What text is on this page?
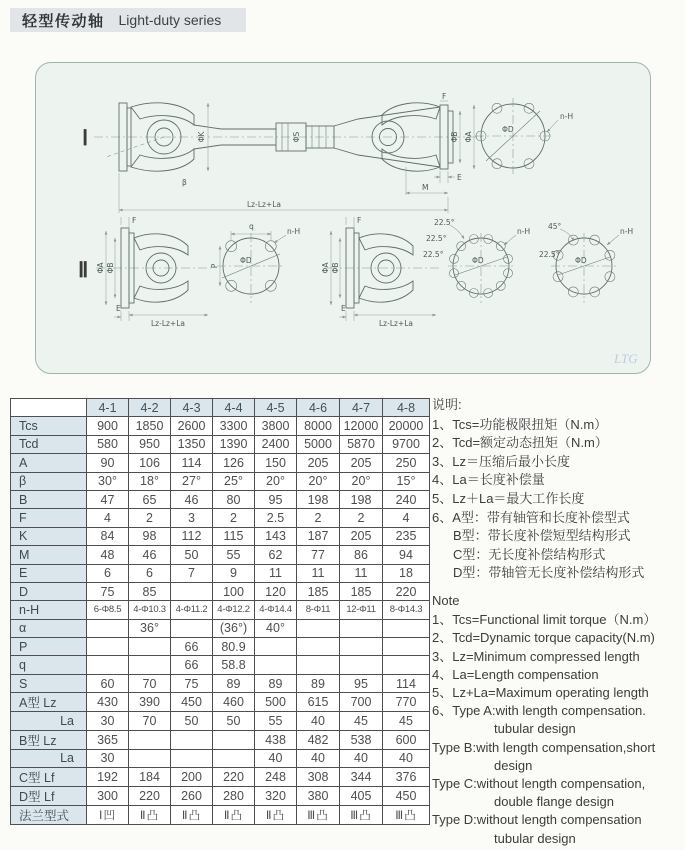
轻型传动轴 Light-duty series
Ⅰ	ΦK	ΦS	ΦB ΦA
F
β
E
M
Lz-Lz+La
ΦD
n-H
Ⅱ
F
ΦA ΦB
E
Lz-Lz+La
q
P
ΦD
n-H
F
ΦA ΦB
E
Lz-Lz+La
22.5°
22.5°
22.5°
ΦD
n-H
45°
22.5°
ΦD
n-H
LTG
	4-1	4-2	4-3	4-4	4-5	4-6	4-7	4-8
Tcs	900	1850	2600	3300	3800	8000	12000	20000
Tcd	580	950	1350	1390	2400	5000	5870	9700
A	90	106	114	126	150	205	205	250
β	30°	18°	27°	25°	20°	20°	20°	15°
B	47	65	46	80	95	198	198	240
F	4	2	3	2	2.5	2	2	4
K	84	98	112	115	143	187	205	235
M	48	46	50	55	62	77	86	94
E	6	6	7	9	11	11	11	18
D	75	85		100	120	185	185	220
n-H	6-Φ8.5	4-Φ10.3	4-Φ11.2	4-Φ12.2	4-Φ14.4	8-Φ11	12-Φ11	8-Φ14.3
α		36°		(36°)	40°			
P			66	80.9				
q			66	58.8				
S	60	70	75	89	89	89	95	114
A型 Lz	430	390	450	460	500	615	700	770
La	30	70	50	50	55	40	45	45
B型 Lz	365				438	482	538	600
La	30				40	40	40	40
C型 Lf	192	184	200	220	248	308	344	376
D型 Lf	300	220	260	280	320	380	405	450
法兰型式	Ⅰ凹	Ⅱ凸	Ⅱ凸	Ⅱ凸	Ⅱ凸	Ⅲ凸	Ⅲ凸	Ⅲ凸
说明:
1、Tcs=功能极限扭矩（N.m）
2、Tcd=额定动态扭矩（N.m）
3、Lz＝压缩后最小长度
4、La＝长度补偿量
5、Lz＋La＝最大工作长度
6、A型：带有轴管和长度补偿型式
B型：带长度补偿短型结构形式
C型：无长度补偿结构形式
D型：带轴管无长度补偿结构形式
Note
1、Tcs=Functional limit torque（N.m）
2、Tcd=Dynamic torque capacity(N.m)
3、Lz=Minimum compressed length
4、La=Length compensation
5、Lz+La=Maximum operating length
6、Type A:with length compensation.
tubular design
Type B:with length compensation,short
design
Type C:without length compensation,
double flange design
Type D:without length compensation
tubular design
